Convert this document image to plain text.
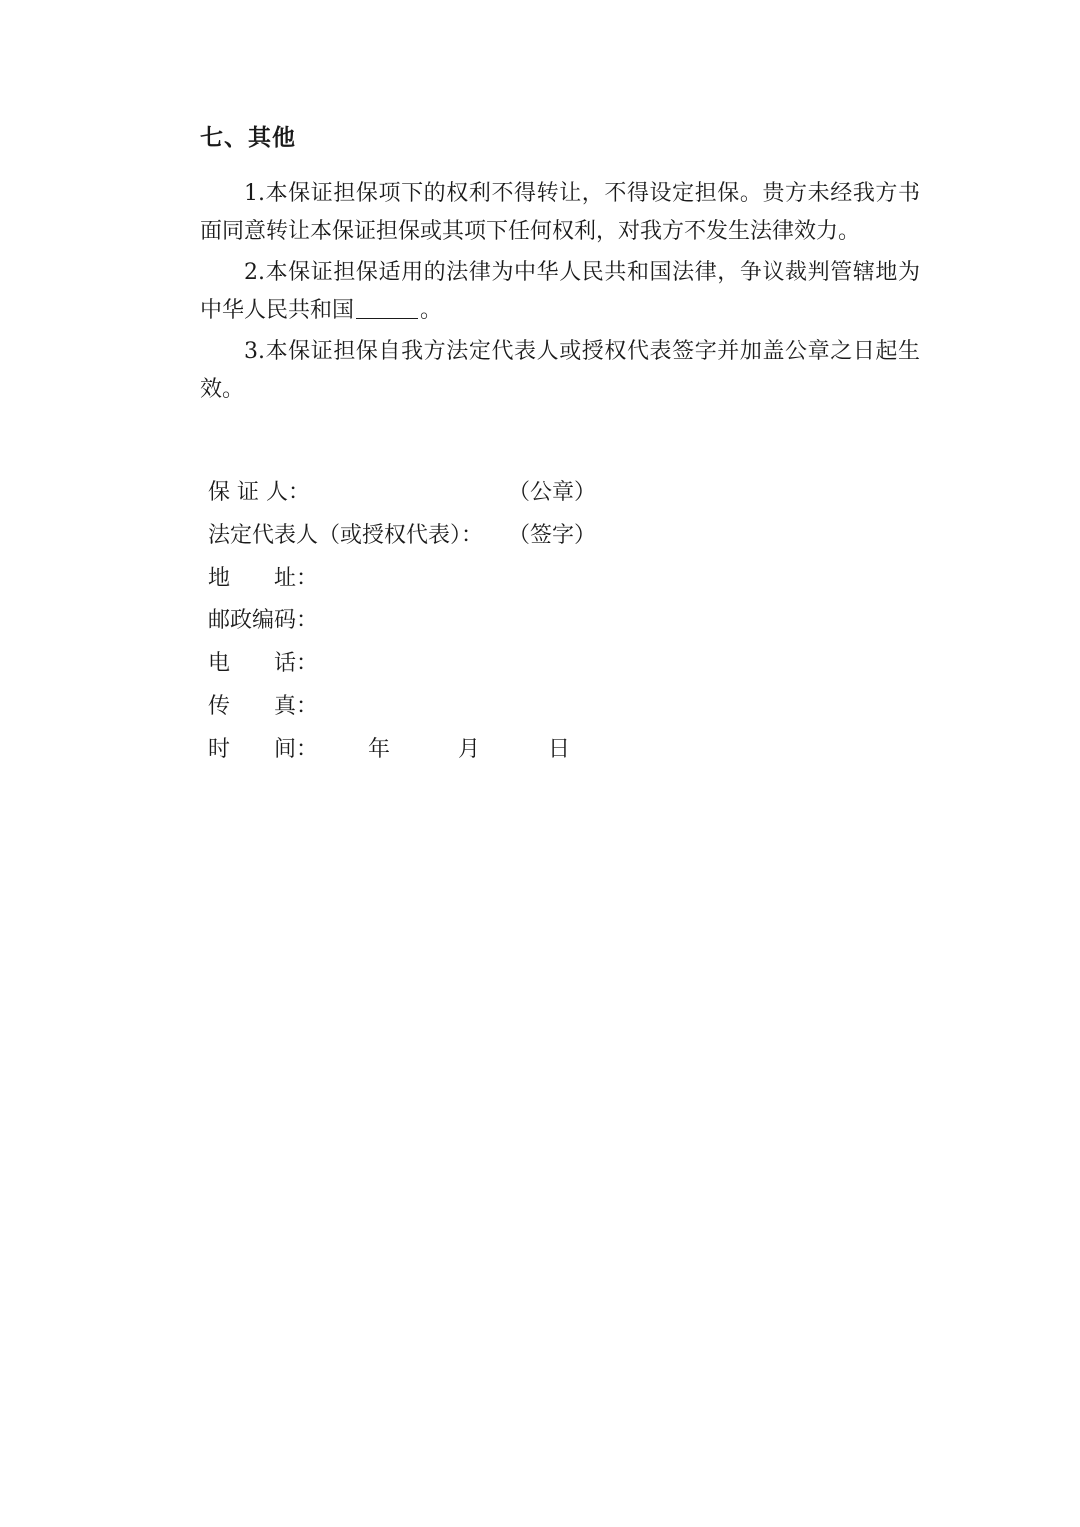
七、其他

1.本保证担保项下的权利不得转让，不得设定担保。贵方未经我方书面同意转让本保证担保或其项下任何权利，对我方不发生法律效力。

2.本保证担保适用的法律为中华人民共和国法律，争议裁判管辖地为中华人民共和国	。

3.本保证担保自我方法定代表人或授权代表签字并加盖公章之日起生效。

保 证 人：	（公章）
法定代表人（或授权代表）：	（签字）
地　　址：
邮政编码：
电　　话：
传　　真：
时　　间：	年	月	日
